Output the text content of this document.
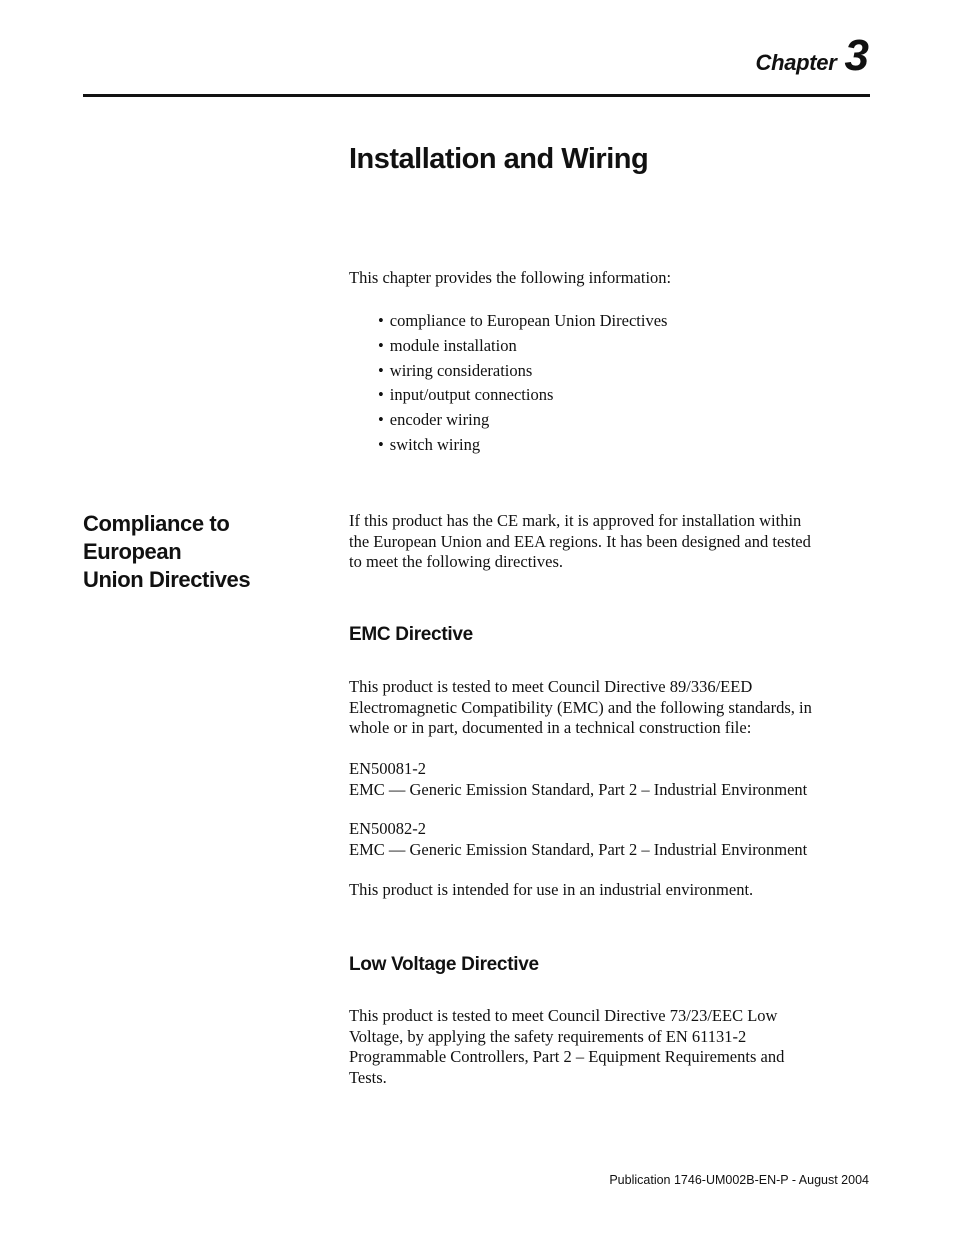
Chapter 3
Installation and Wiring
This chapter provides the following information:
• compliance to European Union Directives
• module installation
• wiring considerations
• input/output connections
• encoder wiring
• switch wiring
Compliance to European
Union Directives
If this product has the CE mark, it is approved for installation within
the European Union and EEA regions. It has been designed and tested
to meet the following directives.
EMC Directive
This product is tested to meet Council Directive 89/336/EED
Electromagnetic Compatibility (EMC) and the following standards, in
whole or in part, documented in a technical construction file:
EN50081-2
EMC — Generic Emission Standard, Part 2 – Industrial Environment
EN50082-2
EMC — Generic Emission Standard, Part 2 – Industrial Environment
This product is intended for use in an industrial environment.
Low Voltage Directive
This product is tested to meet Council Directive 73/23/EEC Low
Voltage, by applying the safety requirements of EN 61131-2
Programmable Controllers, Part 2 – Equipment Requirements and
Tests.
Publication 1746-UM002B-EN-P - August 2004
